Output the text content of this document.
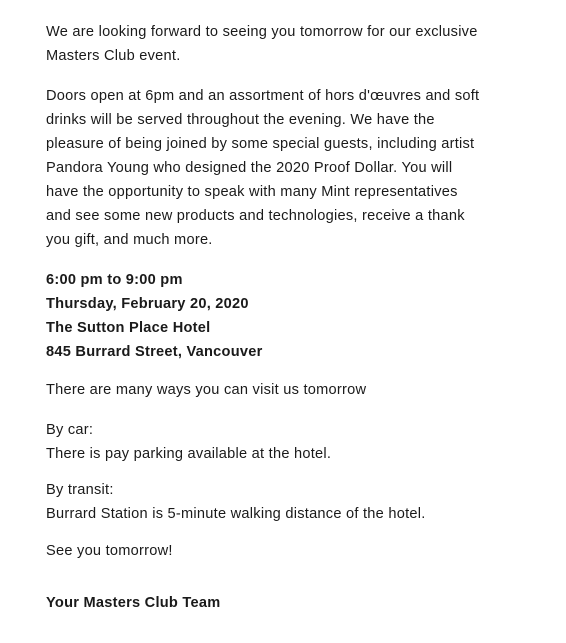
We are looking forward to seeing you tomorrow for our exclusive
Masters Club event.

Doors open at 6pm and an assortment of hors d'œuvres and soft
drinks will be served throughout the evening. We have the
pleasure of being joined by some special guests, including artist
Pandora Young who designed the 2020 Proof Dollar. You will
have the opportunity to speak with many Mint representatives
and see some new products and technologies, receive a thank
you gift, and much more.

6:00 pm to 9:00 pm
Thursday, February 20, 2020
The Sutton Place Hotel
845 Burrard Street, Vancouver

There are many ways you can visit us tomorrow

By car:
There is pay parking available at the hotel.

By transit:
Burrard Station is 5-minute walking distance of the hotel.

See you tomorrow!

Your Masters Club Team
